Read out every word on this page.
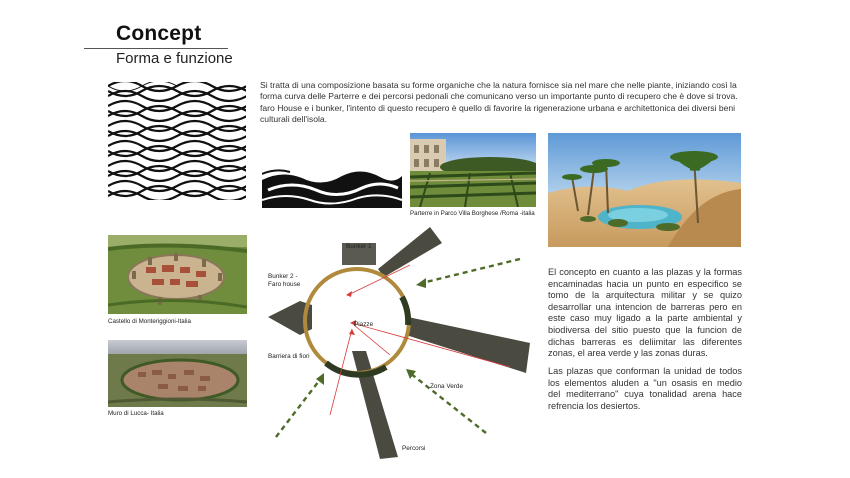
Concept
Forma e funzione
Si tratta di una composizione basata su forme organiche che la natura fornisce sia nel mare che nelle piante, iniziando così la forma curva delle Parterre e dei percorsi pedonali che comunicano verso un importante punto di recupero che è dove si trova. faro House e i bunker, l'intento di questo recupero è quello di favorire la rigenerazione urbana e architettonica dei diversi beni culturali dell'isola.
Parterre in Parco Villa Borghese /Roma -italia
Castello di Monteriggioni-Italia
Muro di Lucca- Italia
Bunker 1
Bunker 2 -
Faro house
Piazze
Barriera di fiori
Zona Verde
Percorsi
El concepto en cuanto a las plazas y la formas encaminadas hacia un punto en especifico se tomo de la arquitectura militar y se quizo desarrollar una intencion de barreras pero en este caso muy ligado a la parte ambiental y biodiversa del sitio puesto que la funcion de dichas barreras es deliimitar las diferentes zonas, el area verde y las zonas duras.
Las plazas que conforman la unidad de todos los elementos aluden a "un osasis en medio del mediterrano" cuya tonalidad arena hace refrencia los desiertos.
